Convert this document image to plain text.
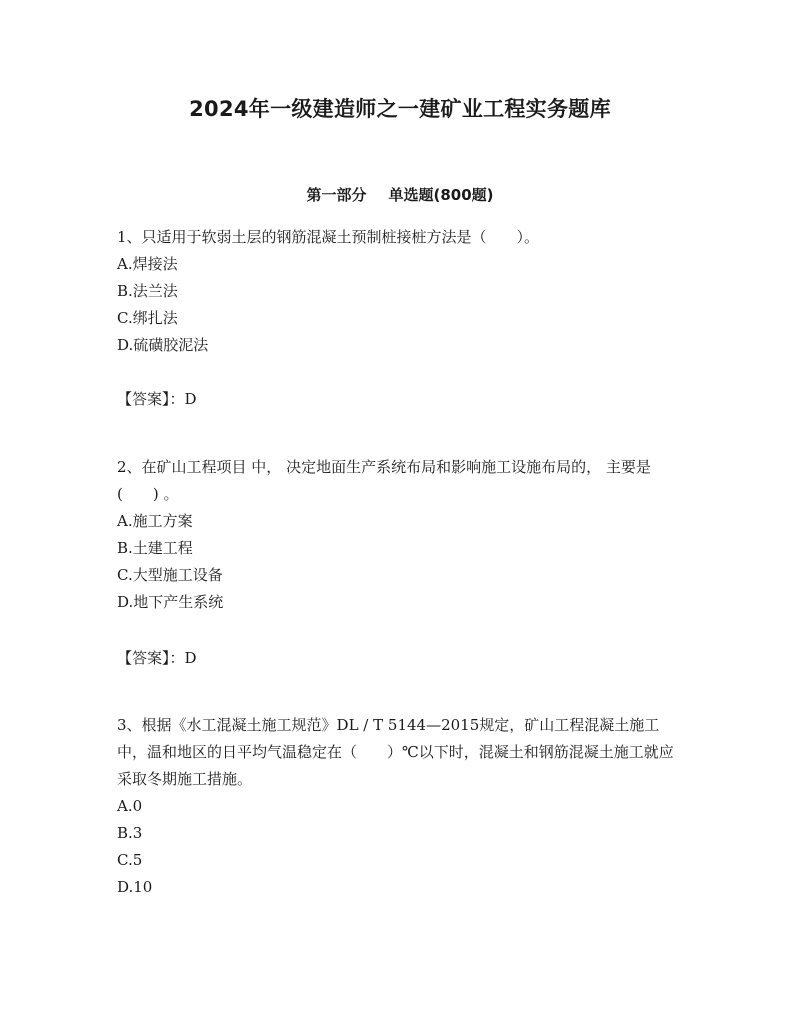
2024年一级建造师之一建矿业工程实务题库
第一部分 单选题(800题)
1、只适用于软弱土层的钢筋混凝土预制桩接桩方法是（　　）。
A.焊接法
B.法兰法
C.绑扎法
D.硫磺胶泥法
【答案】：D
2、在矿山工程项目 中， 决定地面生产系统布局和影响施工设施布局的， 主要是(　　) 。
A.施工方案
B.土建工程
C.大型施工设备
D.地下产生系统
【答案】：D
3、根据《水工混凝土施工规范》DL / T 5144—2015规定，矿山工程混凝土施工中，温和地区的日平均气温稳定在（　　）℃以下时，混凝土和钢筋混凝土施工就应采取冬期施工措施。
A.0
B.3
C.5
D.10
